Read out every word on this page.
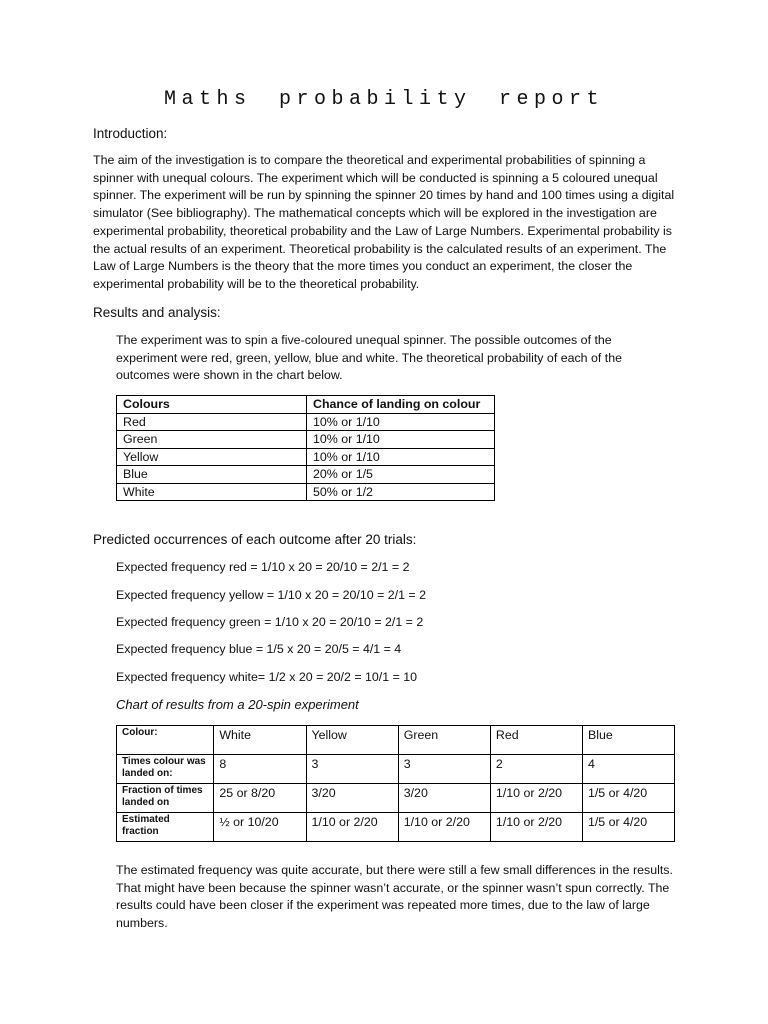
Maths probability report
Introduction:
The aim of the investigation is to compare the theoretical and experimental probabilities of spinning a spinner with unequal colours. The experiment which will be conducted is spinning a 5 coloured unequal spinner. The experiment will be run by spinning the spinner 20 times by hand and 100 times using a digital simulator (See bibliography). The mathematical concepts which will be explored in the investigation are experimental probability, theoretical probability and the Law of Large Numbers. Experimental probability is the actual results of an experiment. Theoretical probability is the calculated results of an experiment. The Law of Large Numbers is the theory that the more times you conduct an experiment, the closer the experimental probability will be to the theoretical probability.
Results and analysis:
The experiment was to spin a five-coloured unequal spinner. The possible outcomes of the experiment were red, green, yellow, blue and white. The theoretical probability of each of the outcomes were shown in the chart below.
Colours	Chance of landing on colour
Red	10% or 1/10
Green	10% or 1/10
Yellow	10% or 1/10
Blue	20% or 1/5
White	50% or 1/2
Predicted occurrences of each outcome after 20 trials:
Expected frequency red = 1/10 x 20 = 20/10 = 2/1 = 2
Expected frequency yellow = 1/10 x 20 = 20/10 = 2/1 = 2
Expected frequency green = 1/10 x 20 = 20/10 = 2/1 = 2
Expected frequency blue = 1/5 x 20 = 20/5 = 4/1 = 4
Expected frequency white= 1/2 x 20 = 20/2 = 10/1 = 10
Chart of results from a 20-spin experiment
Colour:	White	Yellow	Green	Red	Blue
Times colour was landed on:	8	3	3	2	4
Fraction of times landed on	25 or 8/20	3/20	3/20	1/10 or 2/20	1/5 or 4/20
Estimated fraction	½ or 10/20	1/10 or 2/20	1/10 or 2/20	1/10 or 2/20	1/5 or 4/20
The estimated frequency was quite accurate, but there were still a few small differences in the results. That might have been because the spinner wasn’t accurate, or the spinner wasn’t spun correctly. The results could have been closer if the experiment was repeated more times, due to the law of large numbers.
